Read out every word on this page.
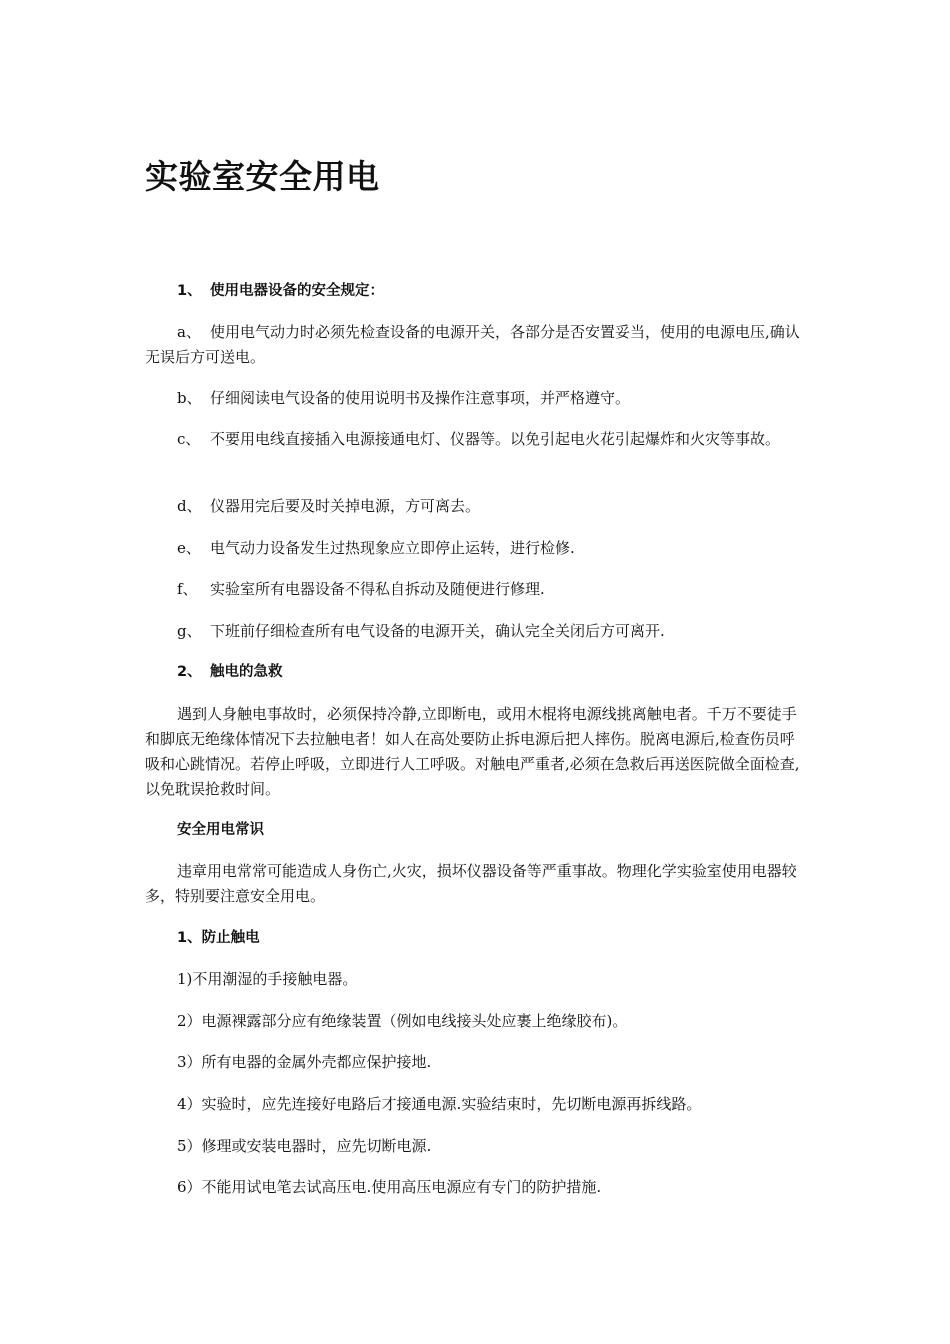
实验室安全用电

1、 使用电器设备的安全规定：

a、 使用电气动力时必须先检查设备的电源开关，各部分是否安置妥当，使用的电源电压,确认无误后方可送电。

b、 仔细阅读电气设备的使用说明书及操作注意事项，并严格遵守。

c、 不要用电线直接插入电源接通电灯、仪器等。以免引起电火花引起爆炸和火灾等事故。

d、 仪器用完后要及时关掉电源，方可离去。

e、 电气动力设备发生过热现象应立即停止运转，进行检修.

f、 实验室所有电器设备不得私自拆动及随便进行修理.

g、 下班前仔细检查所有电气设备的电源开关，确认完全关闭后方可离开.

2、 触电的急救

遇到人身触电事故时，必须保持冷静,立即断电，或用木棍将电源线挑离触电者。千万不要徒手和脚底无绝缘体情况下去拉触电者！如人在高处要防止拆电源后把人摔伤。脱离电源后,检查伤员呼吸和心跳情况。若停止呼吸，立即进行人工呼吸。对触电严重者,必须在急救后再送医院做全面检查,以免耽误抢救时间。

安全用电常识

违章用电常常可能造成人身伤亡,火灾，损坏仪器设备等严重事故。物理化学实验室使用电器较多，特别要注意安全用电。

1、防止触电

1)不用潮湿的手接触电器。

2）电源裸露部分应有绝缘装置（例如电线接头处应裹上绝缘胶布)。

3）所有电器的金属外壳都应保护接地.

4）实验时，应先连接好电路后才接通电源.实验结束时，先切断电源再拆线路。

5）修理或安装电器时，应先切断电源.

6）不能用试电笔去试高压电.使用高压电源应有专门的防护措施.
